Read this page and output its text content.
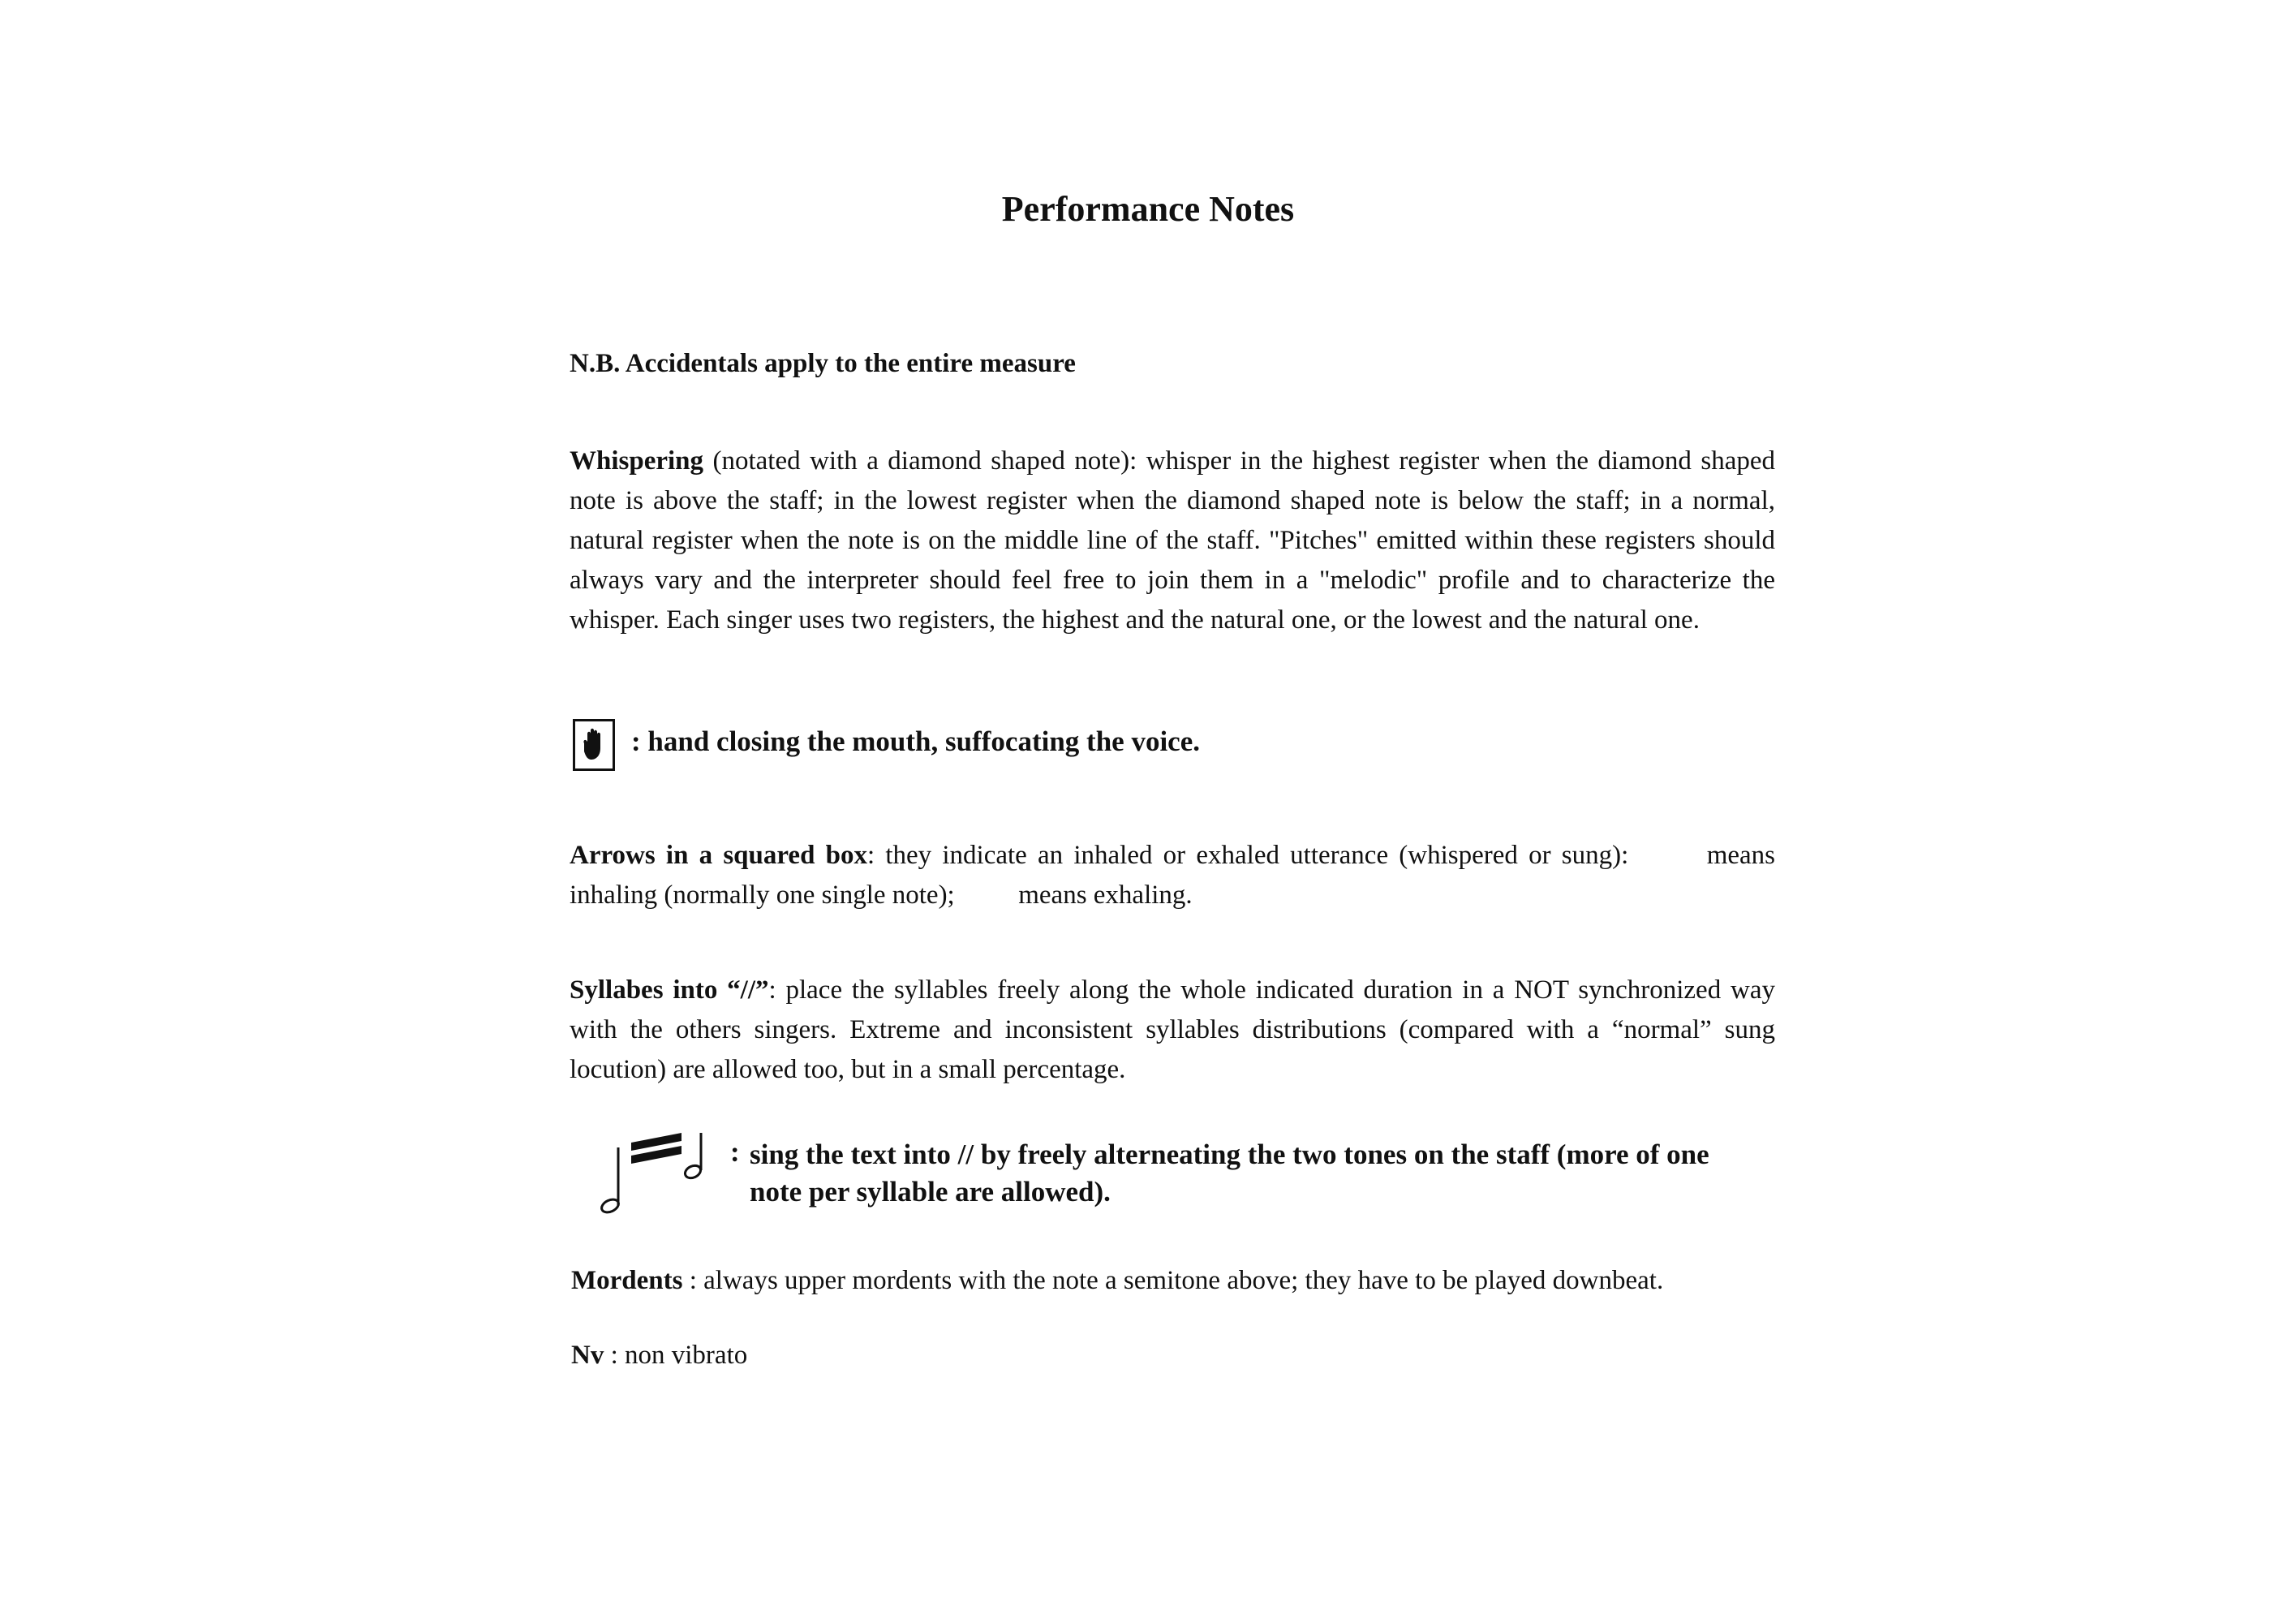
Performance Notes
N.B. Accidentals apply to the entire measure

Whispering (notated with a diamond shaped note): whisper in the highest register when the diamond shaped note is above the staff; in the lowest register when the diamond shaped note is below the staff; in a normal, natural register when the note is on the middle line of the staff. "Pitches" emitted within these registers should always vary and the interpreter should feel free to join them in a "melodic" profile and to characterize the whisper. Each singer uses two registers, the highest and the natural one, or the lowest and the natural one.

: hand closing the mouth, suffocating the voice.

Arrows in a squared box: they indicate an inhaled or exhaled utterance (whispered or sung):	means inhaling (normally one single note); means exhaling.

Syllabes into “//”: place the syllables freely along the whole indicated duration in a NOT synchronized way with the others singers. Extreme and inconsistent syllables distributions (compared with a “normal” sung locution) are allowed too, but in a small percentage.

: sing the text into // by freely alterneating the two tones on the staff (more of one note per syllable are allowed).

Mordents : always upper mordents with the note a semitone above; they have to be played downbeat.

Nv : non vibrato
